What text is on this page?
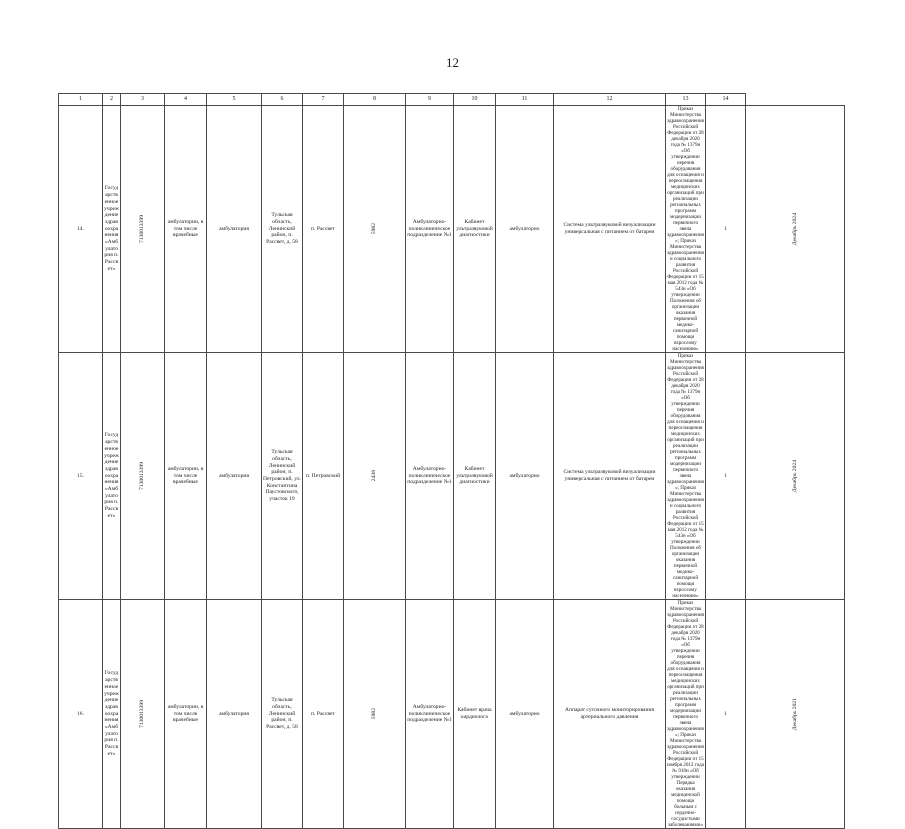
12
1	2	3	4	5	6	7	8	9	10	11	12	13	14	
14.	Государственное учреждение здравоохранения «Амбулатория п. Рассвет»	7130013399	амбулатории, в том числе врачебные	амбулатория	Тульская область, Ленинский район, п. Рассвет, д. 58	п. Рассвет	5982	Амбулаторно-поликлиническое подразделение №1	Кабинет ультразвуковой диагностики	амбулаторно	Система ультразвуковой визуализации универсальная с питанием от батареи	Приказ Министерства здравоохранения Российской Федерации от 28 декабря 2020 года № 1379н «Об утверждении перечня оборудования для оснащения и переоснащения медицинских организаций при реализации региональных программ модернизации первичного звена здравоохранения»; Приказ Министерства здравоохранения и социального развития Российской Федерации от 15 мая 2012 года № 543н «Об утверждении Положения об организации оказания первичной медико-санитарной помощи взрослому населению»	1	Декабрь 2024

15.	Государственное учреждение здравоохранения «Амбулатория п. Рассвет»	7130013399	амбулатории, в том числе врачебные	амбулатория	Тульская область, Ленинский район, п. Петровский, ул. Константина Паустовского, участок 19	п. Петровский	2438	Амбулаторно-поликлиническое подразделение №1	Кабинет ультразвуковой диагностики	амбулаторно	Система ультразвуковой визуализации универсальная с питанием от батареи	Приказ Министерства здравоохранения Российской Федерации от 28 декабря 2020 года № 1379н «Об утверждении перечня оборудования для оснащения и переоснащения медицинских организаций при реализации региональных программ модернизации первичного звена здравоохранения»; Приказ Министерства здравоохранения и социального развития Российской Федерации от 15 мая 2012 года № 543н «Об утверждении Положения об организации оказания первичной медико-санитарной помощи взрослому населению»	1	Декабрь 2024

16.	Государственное учреждение здравоохранения «Амбулатория п. Рассвет»	7130013399	амбулатории, в том числе врачебные	амбулатория	Тульская область, Ленинский район, п. Рассвет, д. 58	п. Рассвет	5982	Амбулаторно-поликлиническое подразделение №1	Кабинет врача кардиолога	амбулаторно	Аппарат суточного мониторирования артериального давления	Приказ Министерства здравоохранения Российской Федерации от 28 декабря 2020 года № 1379н «Об утверждении перечня оборудования для оснащения и переоснащения медицинских организаций при реализации региональных программ модернизации первичного звена здравоохранения»; Приказ Министерства здравоохранения Российской Федерации от 15 ноября 2012 года № 918н «Об утверждении Порядка оказания медицинской помощи больным с сердечно-сосудистыми заболеваниями»	1	Декабрь 2021
